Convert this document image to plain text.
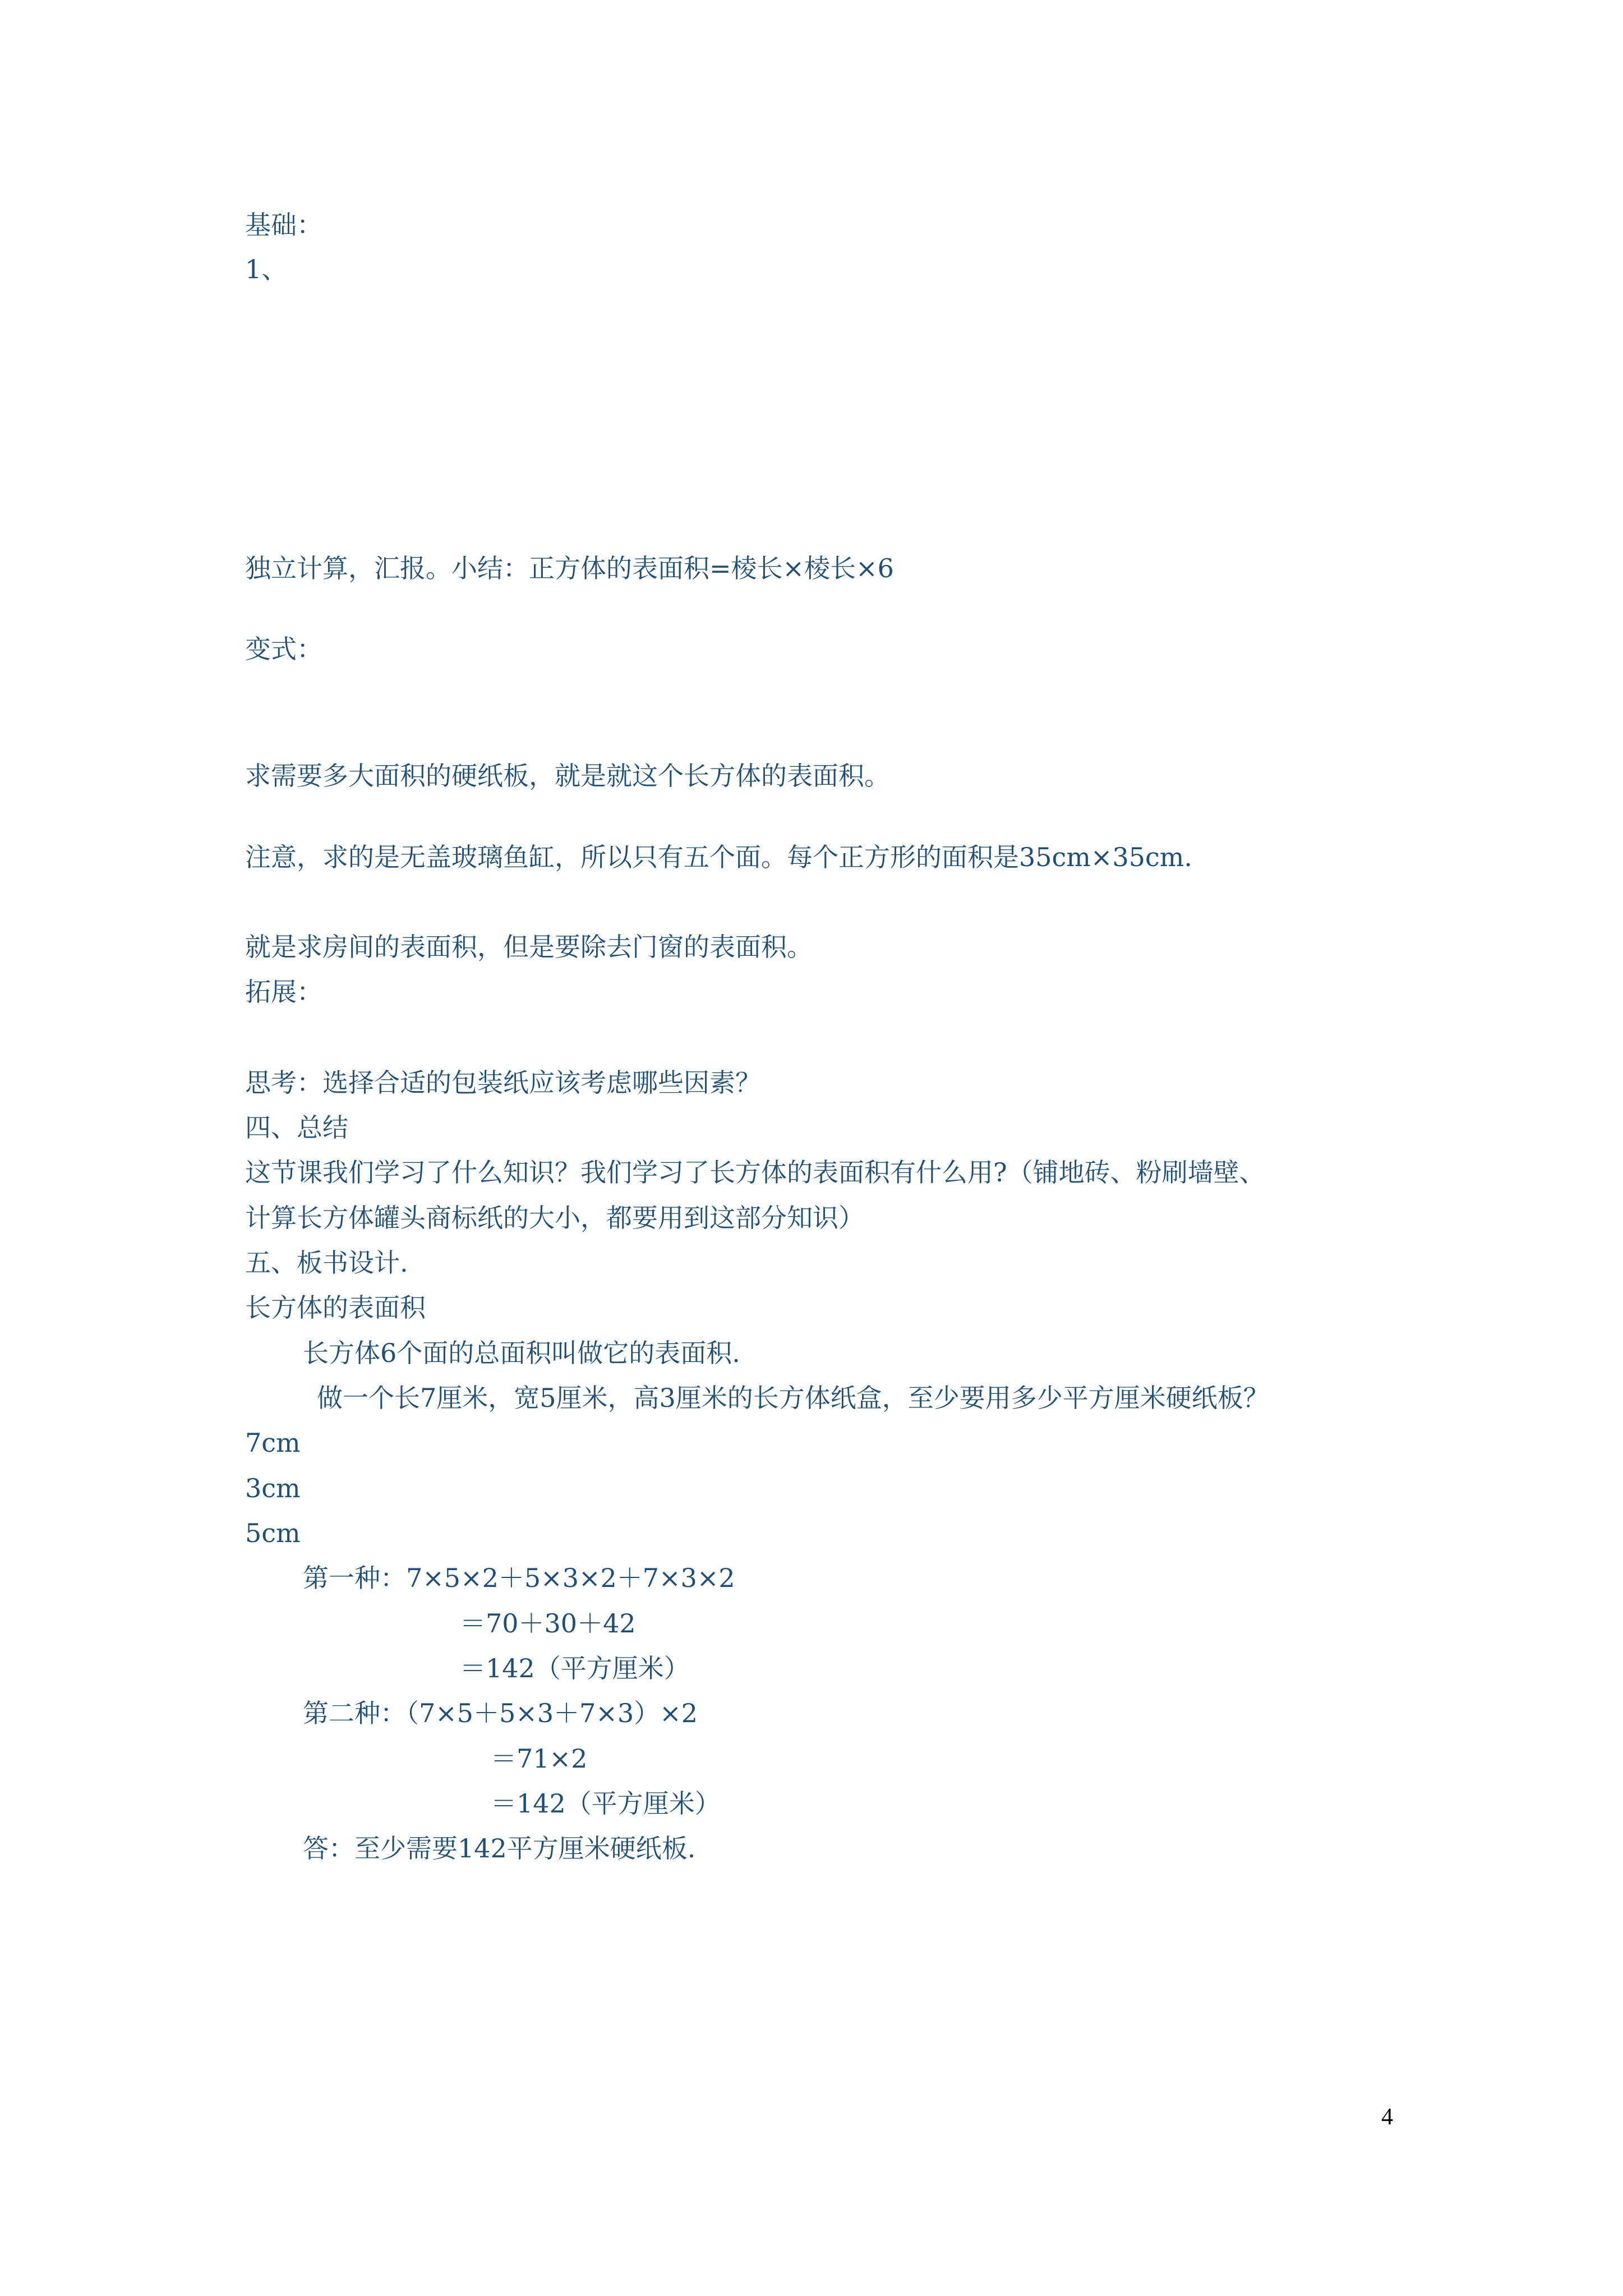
基础：
1、
独立计算，汇报。小结：正方体的表面积=棱长×棱长×6
变式：
求需要多大面积的硬纸板，就是就这个长方体的表面积。
注意，求的是无盖玻璃鱼缸，所以只有五个面。每个正方形的面积是35cm×35cm.
就是求房间的表面积，但是要除去门窗的表面积。
拓展：
思考：选择合适的包装纸应该考虑哪些因素？
四、总结
这节课我们学习了什么知识？我们学习了长方体的表面积有什么用?（铺地砖、粉刷墙壁、
计算长方体罐头商标纸的大小，都要用到这部分知识）
五、板书设计.
长方体的表面积
长方体6个面的总面积叫做它的表面积.
做一个长7厘米，宽5厘米，高3厘米的长方体纸盒，至少要用多少平方厘米硬纸板？
7cm
3cm
5cm
第一种：7×5×2＋5×3×2＋7×3×2
＝70＋30＋42
＝142（平方厘米）
第二种：（7×5＋5×3＋7×3）×2
＝71×2
＝142（平方厘米）
答：至少需要142平方厘米硬纸板.
4
